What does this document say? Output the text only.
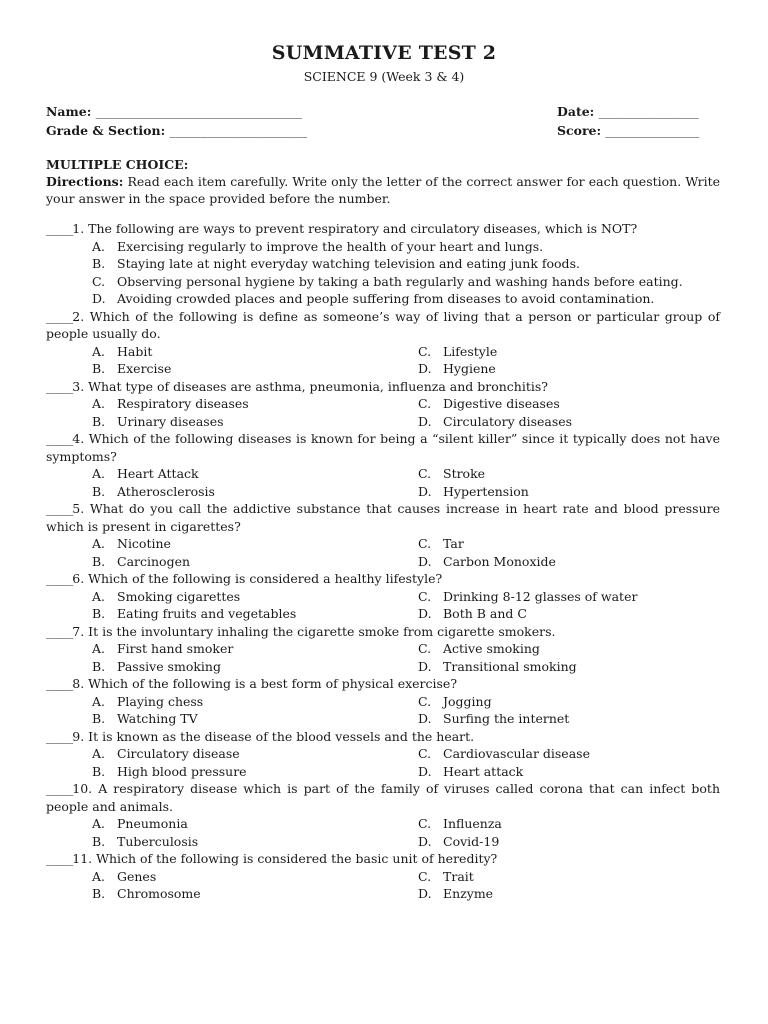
SUMMATIVE TEST 2
SCIENCE 9 (Week 3 & 4)
Name: _________________________________	Date: ________________
Grade & Section: ______________________	Score: _______________
MULTIPLE CHOICE:
Directions: Read each item carefully. Write only the letter of the correct answer for each question. Write your answer in the space provided before the number.
_____1. The following are ways to prevent respiratory and circulatory diseases, which is NOT?
A. Exercising regularly to improve the health of your heart and lungs.
B. Staying late at night everyday watching television and eating junk foods.
C. Observing personal hygiene by taking a bath regularly and washing hands before eating.
D. Avoiding crowded places and people suffering from diseases to avoid contamination.
_____2. Which of the following is define as someone’s way of living that a person or particular group of people usually do.
A. Habit	C. Lifestyle
B. Exercise	D. Hygiene
_____3. What type of diseases are asthma, pneumonia, influenza and bronchitis?
A. Respiratory diseases	C. Digestive diseases
B. Urinary diseases	D. Circulatory diseases
_____4. Which of the following diseases is known for being a “silent killer” since it typically does not have symptoms?
A. Heart Attack	C. Stroke
B. Atherosclerosis	D. Hypertension
_____5. What do you call the addictive substance that causes increase in heart rate and blood pressure which is present in cigarettes?
A. Nicotine	C. Tar
B. Carcinogen	D. Carbon Monoxide
_____6. Which of the following is considered a healthy lifestyle?
A. Smoking cigarettes	C. Drinking 8-12 glasses of water
B. Eating fruits and vegetables	D. Both B and C
_____7. It is the involuntary inhaling the cigarette smoke from cigarette smokers.
A. First hand smoker	C. Active smoking
B. Passive smoking	D. Transitional smoking
_____8. Which of the following is a best form of physical exercise?
A. Playing chess	C. Jogging
B. Watching TV	D. Surfing the internet
_____9. It is known as the disease of the blood vessels and the heart.
A. Circulatory disease	C. Cardiovascular disease
B. High blood pressure	D. Heart attack
_____10. A respiratory disease which is part of the family of viruses called corona that can infect both people and animals.
A. Pneumonia	C. Influenza
B. Tuberculosis	D. Covid-19
_____11. Which of the following is considered the basic unit of heredity?
A. Genes	C. Trait
B. Chromosome	D. Enzyme
